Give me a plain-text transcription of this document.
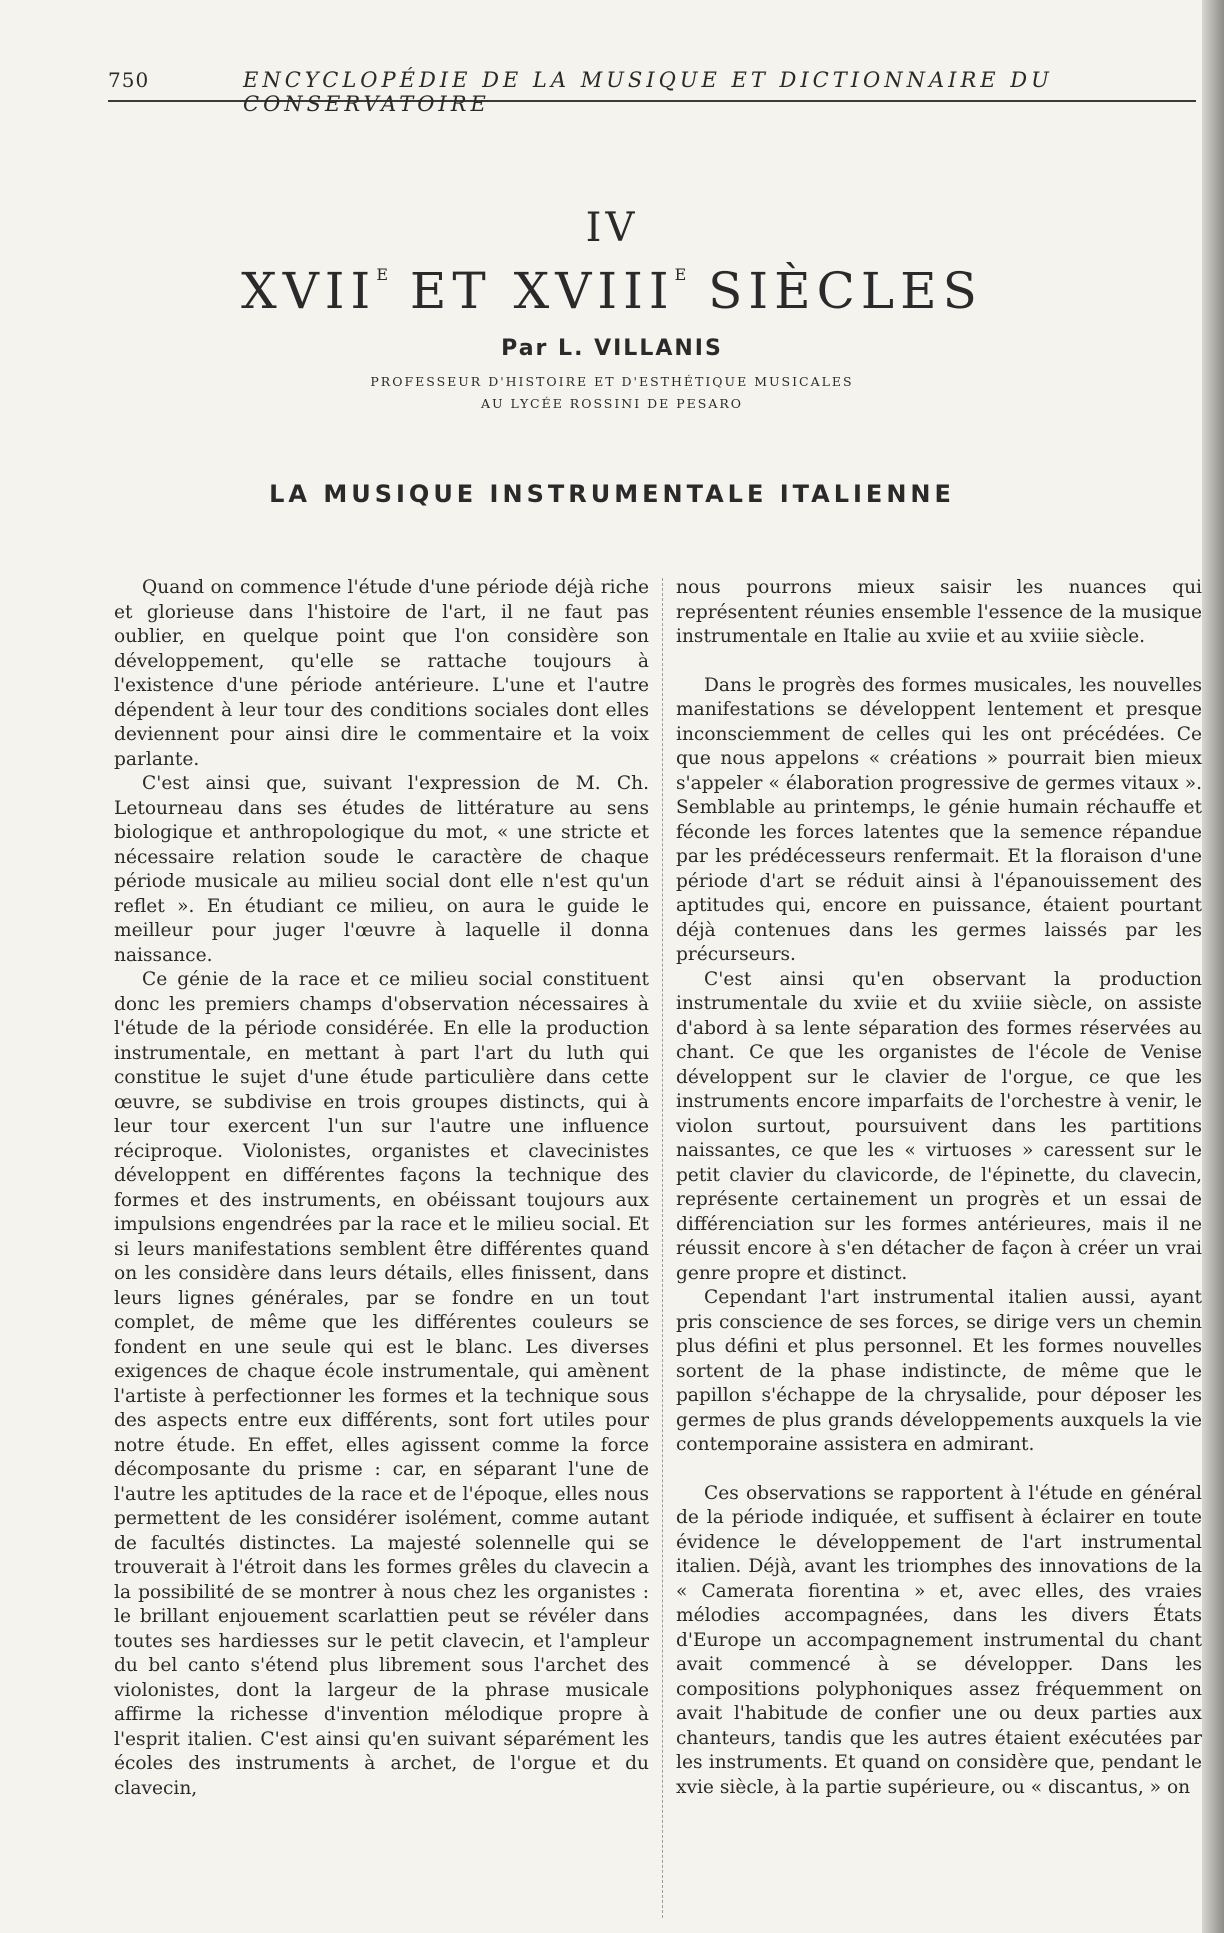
750	ENCYCLOPÉDIE DE LA MUSIQUE ET DICTIONNAIRE DU CONSERVATOIRE
IV
$XVII^E$ ET $XVIII^E$ SIÈCLES
Par L. VILLANIS
PROFESSEUR D'HISTOIRE ET D'ESTHÉTIQUE MUSICALES
AU LYCÉE ROSSINI DE PESARO
LA MUSIQUE INSTRUMENTALE ITALIENNE

Quand on commence l'étude d'une période déjà riche et glorieuse dans l'histoire de l'art, il ne faut pas oublier, en quelque point que l'on considère son développement, qu'elle se rattache toujours à l'existence d'une période antérieure. L'une et l'autre dépendent à leur tour des conditions sociales dont elles deviennent pour ainsi dire le commentaire et la voix parlante.

C'est ainsi que, suivant l'expression de M. Ch. Letourneau dans ses études de littérature au sens biologique et anthropologique du mot, « une stricte et nécessaire relation soude le caractère de chaque période musicale au milieu social dont elle n'est qu'un reflet ». En étudiant ce milieu, on aura le guide le meilleur pour juger l'œuvre à laquelle il donna naissance.

Ce génie de la race et ce milieu social constituent donc les premiers champs d'observation nécessaires à l'étude de la période considérée. En elle la production instrumentale, en mettant à part l'art du luth qui constitue le sujet d'une étude particulière dans cette œuvre, se subdivise en trois groupes distincts, qui à leur tour exercent l'un sur l'autre une influence réciproque. Violonistes, organistes et clavecinistes développent en différentes façons la technique des formes et des instruments, en obéissant toujours aux impulsions engendrées par la race et le milieu social. Et si leurs manifestations semblent être différentes quand on les considère dans leurs détails, elles finissent, dans leurs lignes générales, par se fondre en un tout complet, de même que les différentes couleurs se fondent en une seule qui est le blanc. Les diverses exigences de chaque école instrumentale, qui amènent l'artiste à perfectionner les formes et la technique sous des aspects entre eux différents, sont fort utiles pour notre étude. En effet, elles agissent comme la force décomposante du prisme : car, en séparant l'une de l'autre les aptitudes de la race et de l'époque, elles nous permettent de les considérer isolément, comme autant de facultés distinctes. La majesté solennelle qui se trouverait à l'étroit dans les formes grêles du clavecin a la possibilité de se montrer à nous chez les organistes : le brillant enjouement scarlattien peut se révéler dans toutes ses hardiesses sur le petit clavecin, et l'ampleur du bel canto s'étend plus librement sous l'archet des violonistes, dont la largeur de la phrase musicale affirme la richesse d'invention mélodique propre à l'esprit italien. C'est ainsi qu'en suivant séparément les écoles des instruments à archet, de l'orgue et du clavecin,

nous pourrons mieux saisir les nuances qui représentent réunies ensemble l'essence de la musique instrumentale en Italie au xviie et au xviiie siècle.

Dans le progrès des formes musicales, les nouvelles manifestations se développent lentement et presque inconsciemment de celles qui les ont précédées. Ce que nous appelons « créations » pourrait bien mieux s'appeler « élaboration progressive de germes vitaux ». Semblable au printemps, le génie humain réchauffe et féconde les forces latentes que la semence répandue par les prédécesseurs renfermait. Et la floraison d'une période d'art se réduit ainsi à l'épanouissement des aptitudes qui, encore en puissance, étaient pourtant déjà contenues dans les germes laissés par les précurseurs.

C'est ainsi qu'en observant la production instrumentale du xviie et du xviiie siècle, on assiste d'abord à sa lente séparation des formes réservées au chant. Ce que les organistes de l'école de Venise développent sur le clavier de l'orgue, ce que les instruments encore imparfaits de l'orchestre à venir, le violon surtout, poursuivent dans les partitions naissantes, ce que les « virtuoses » caressent sur le petit clavier du clavicorde, de l'épinette, du clavecin, représente certainement un progrès et un essai de différenciation sur les formes antérieures, mais il ne réussit encore à s'en détacher de façon à créer un vrai genre propre et distinct.

Cependant l'art instrumental italien aussi, ayant pris conscience de ses forces, se dirige vers un chemin plus défini et plus personnel. Et les formes nouvelles sortent de la phase indistincte, de même que le papillon s'échappe de la chrysalide, pour déposer les germes de plus grands développements auxquels la vie contemporaine assistera en admirant.

Ces observations se rapportent à l'étude en général de la période indiquée, et suffisent à éclairer en toute évidence le développement de l'art instrumental italien. Déjà, avant les triomphes des innovations de la « Camerata fiorentina » et, avec elles, des vraies mélodies accompagnées, dans les divers États d'Europe un accompagnement instrumental du chant avait commencé à se développer. Dans les compositions polyphoniques assez fréquemment on avait l'habitude de confier une ou deux parties aux chanteurs, tandis que les autres étaient exécutées par les instruments. Et quand on considère que, pendant le xvie siècle, à la partie supérieure, ou « discantus, » on
